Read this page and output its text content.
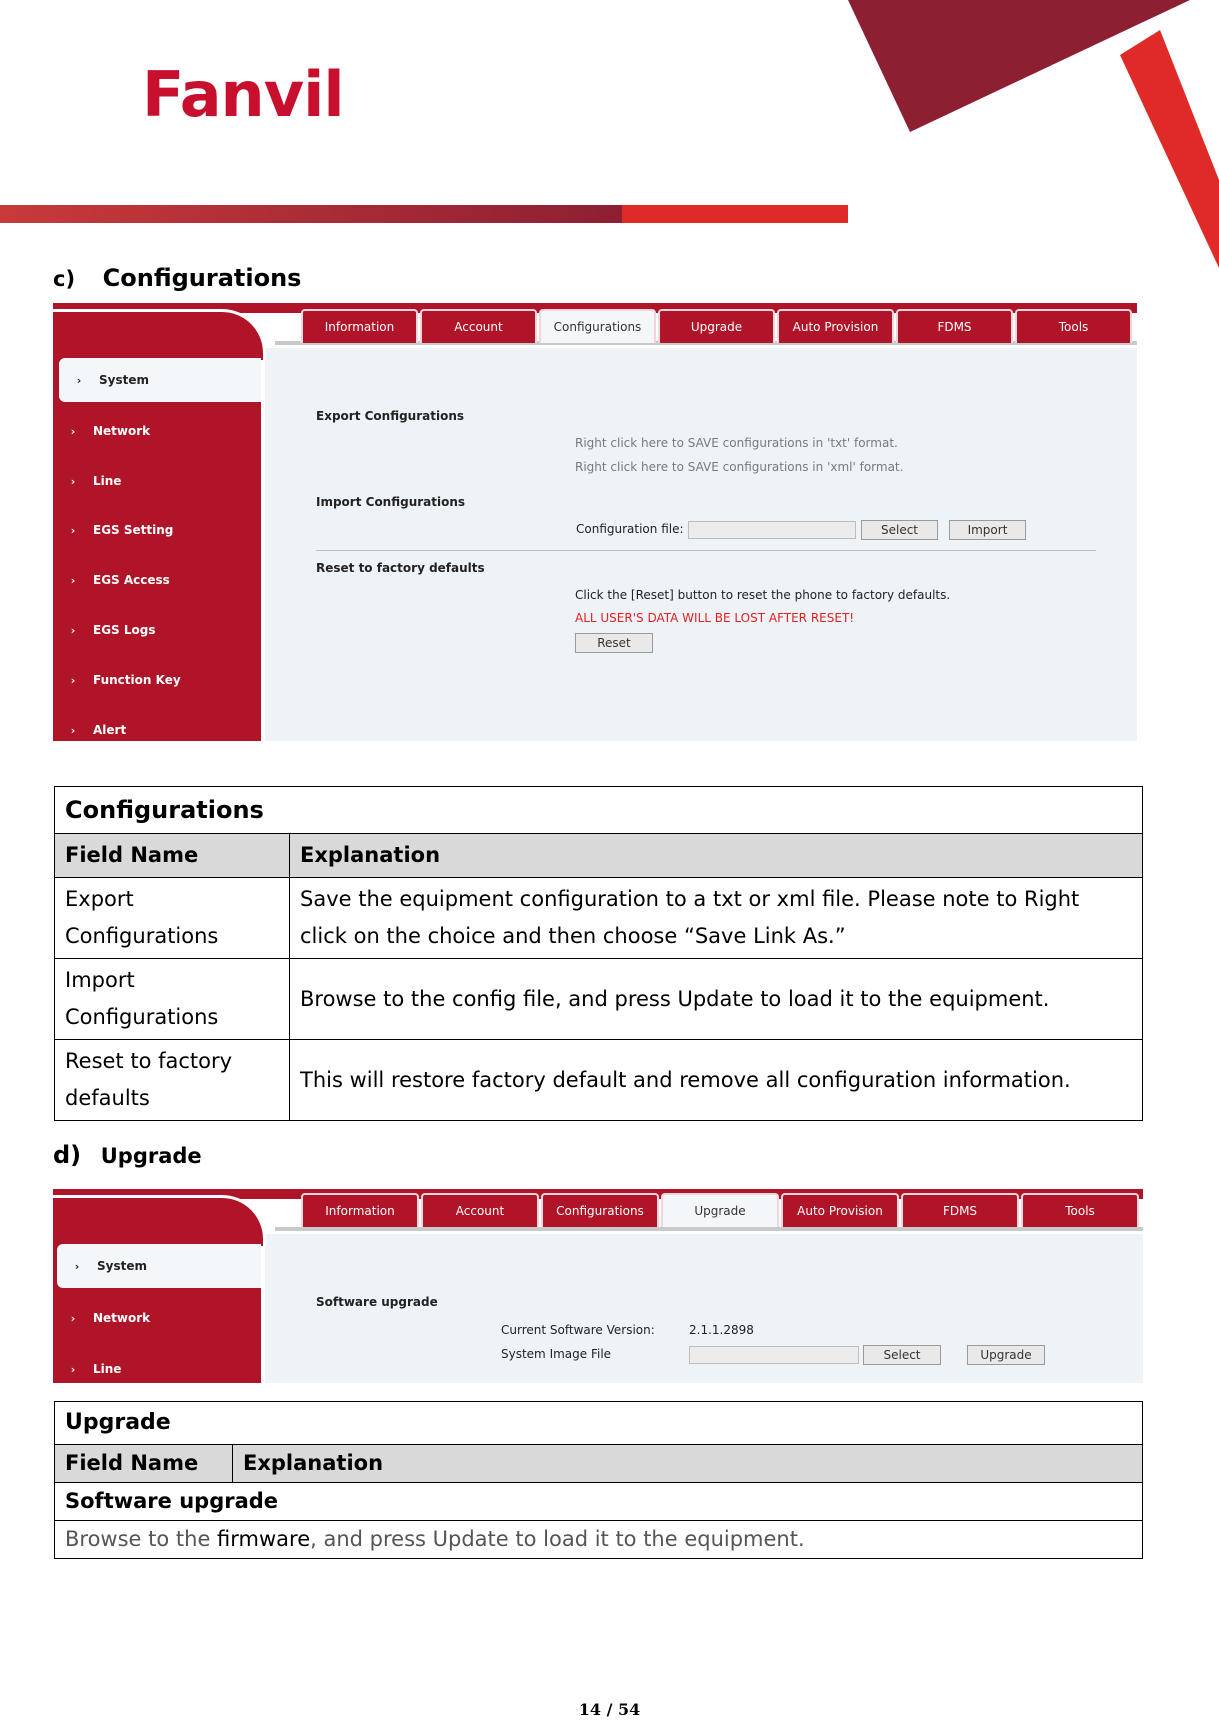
Fanvil
c) Configurations
Information	Account	Configurations	Upgrade	Auto Provision	FDMS	Tools
›	System
›	Network
›	Line
›	EGS Setting
›	EGS Access
›	EGS Logs
›	Function Key
›	Alert
Export Configurations
Right click here to SAVE configurations in 'txt' format.
Right click here to SAVE configurations in 'xml' format.
Import Configurations
Configuration file:	Select	Import
Reset to factory defaults
Click the [Reset] button to reset the phone to factory defaults.
ALL USER'S DATA WILL BE LOST AFTER RESET!
Reset
Configurations	
Field Name	Explanation
Export Configurations	Save the equipment configuration to a txt or xml file. Please note to Right click on the choice and then choose “Save Link As.”
Import Configurations	Browse to the config file, and press Update to load it to the equipment.
Reset to factory defaults	This will restore factory default and remove all configuration information.
d) Upgrade
Information	Account	Configurations	Upgrade	Auto Provision	FDMS	Tools
›	System
›	Network
›	Line
Software upgrade
Current Software Version:	2.1.1.2898
System Image File	Select	Upgrade
Upgrade
Field Name	Explanation
Software upgrade
Browse to the firmware, and press Update to load it to the equipment.
14 / 54
